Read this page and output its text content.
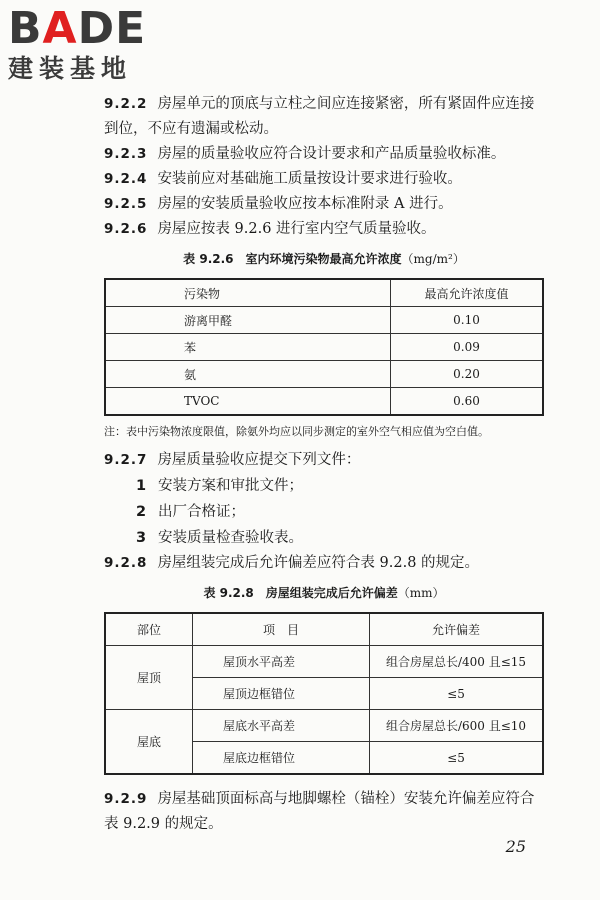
BADE
建装基地

9.2.2 房屋单元的顶底与立柱之间应连接紧密，所有紧固件应连接到位，不应有遗漏或松动。

9.2.3 房屋的质量验收应符合设计要求和产品质量验收标准。

9.2.4 安装前应对基础施工质量按设计要求进行验收。

9.2.5 房屋的安装质量验收应按本标准附录 A 进行。

9.2.6 房屋应按表 9.2.6 进行室内空气质量验收。

表 9.2.6　室内环境污染物最高允许浓度（mg/m²）
污染物	最高允许浓度值
游离甲醛	0.10
苯	0.09
氨	0.20
TVOC	0.60

注：表中污染物浓度限值，除氨外均应以同步测定的室外空气相应值为空白值。

9.2.7 房屋质量验收应提交下列文件：

1 安装方案和审批文件；
2 出厂合格证；
3 安装质量检查验收表。

9.2.8 房屋组装完成后允许偏差应符合表 9.2.8 的规定。

表 9.2.8　房屋组装完成后允许偏差（mm）
部位	项　目	允许偏差
屋顶	屋顶水平高差	组合房屋总长/400 且≤15
	屋顶边框错位	≤5
屋底	屋底水平高差	组合房屋总长/600 且≤10
	屋底边框错位	≤5

9.2.9 房屋基础顶面标高与地脚螺栓（锚栓）安装允许偏差应符合表 9.2.9 的规定。

25
